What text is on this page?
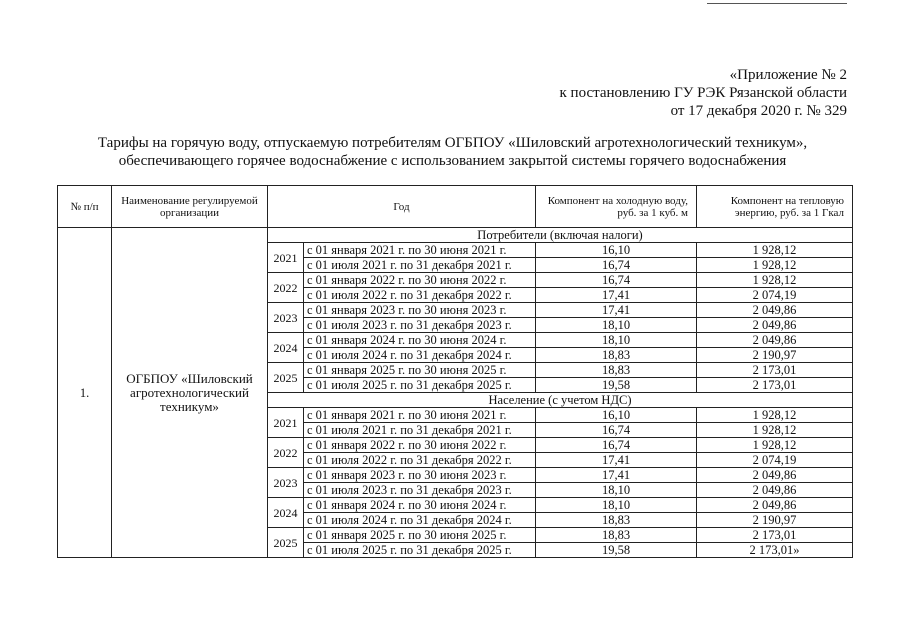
«Приложение № 2
к постановлению ГУ РЭК Рязанской области
от 17 декабря 2020 г. № 329
Тарифы на горячую воду, отпускаемую потребителям ОГБПОУ «Шиловский агротехнологический техникум»,
обеспечивающего горячее водоснабжение с использованием закрытой системы горячего водоснабжения
№ п/п	Наименование регулируемой организации	Год		Компонент на холодную воду, руб. за 1 куб. м	Компонент на тепловую энергию, руб. за 1 Гкал
1.	ОГБПОУ «Шиловский агротехнологический техникум»	Потребители (включая налоги)			
		2021	с 01 января 2021 г. по 30 июня 2021 г.	16,10	1 928,12
			с 01 июля 2021 г. по 31 декабря 2021 г.	16,74	1 928,12
		2022	с 01 января 2022 г. по 30 июня 2022 г.	16,74	1 928,12
			с 01 июля 2022 г. по 31 декабря 2022 г.	17,41	2 074,19
		2023	с 01 января 2023 г. по 30 июня 2023 г.	17,41	2 049,86
			с 01 июля 2023 г. по 31 декабря 2023 г.	18,10	2 049,86
		2024	с 01 января 2024 г. по 30 июня 2024 г.	18,10	2 049,86
			с 01 июля 2024 г. по 31 декабря 2024 г.	18,83	2 190,97
		2025	с 01 января 2025 г. по 30 июня 2025 г.	18,83	2 173,01
			с 01 июля 2025 г. по 31 декабря 2025 г.	19,58	2 173,01
		Население (с учетом НДС)			
		2021	с 01 января 2021 г. по 30 июня 2021 г.	16,10	1 928,12
			с 01 июля 2021 г. по 31 декабря 2021 г.	16,74	1 928,12
		2022	с 01 января 2022 г. по 30 июня 2022 г.	16,74	1 928,12
			с 01 июля 2022 г. по 31 декабря 2022 г.	17,41	2 074,19
		2023	с 01 января 2023 г. по 30 июня 2023 г.	17,41	2 049,86
			с 01 июля 2023 г. по 31 декабря 2023 г.	18,10	2 049,86
		2024	с 01 января 2024 г. по 30 июня 2024 г.	18,10	2 049,86
			с 01 июля 2024 г. по 31 декабря 2024 г.	18,83	2 190,97
		2025	с 01 января 2025 г. по 30 июня 2025 г.	18,83	2 173,01
			с 01 июля 2025 г. по 31 декабря 2025 г.	19,58	2 173,01»
